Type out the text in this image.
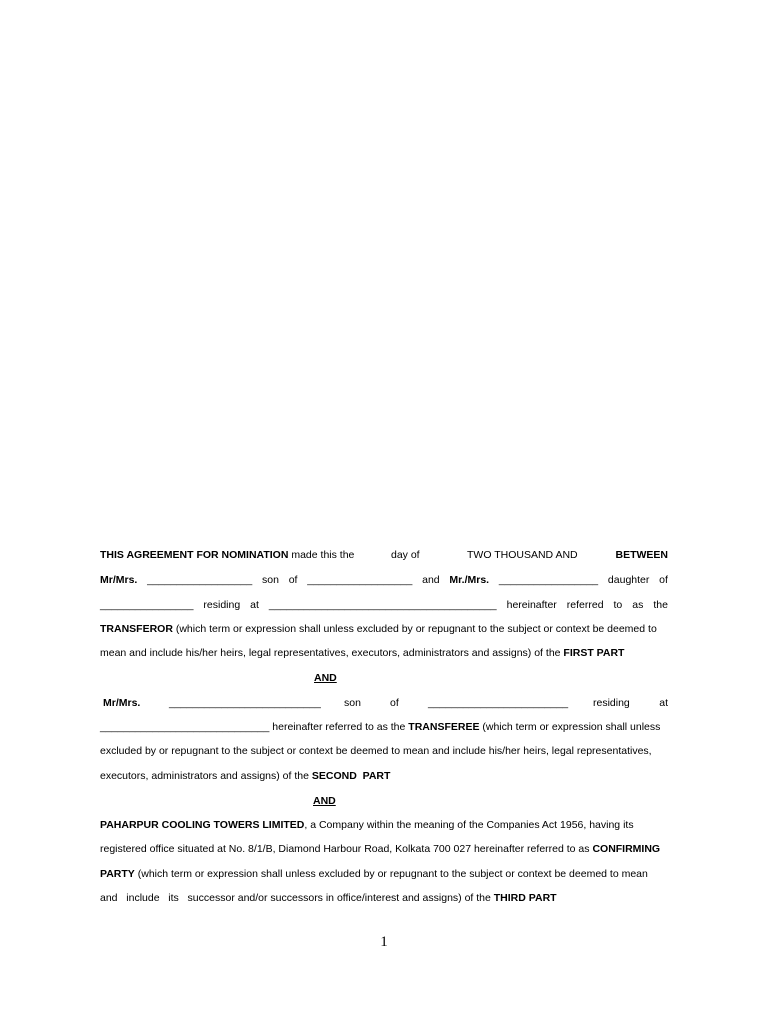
THIS AGREEMENT FOR NOMINATION made this the	day of	TWO THOUSAND AND	BETWEEN
Mr/Mrs. __________________ son of __________________ and Mr./Mrs. _________________ daughter of
________________ residing at _______________________________________ hereinafter referred to as the
TRANSFEROR (which term or expression shall unless excluded by or repugnant to the subject or context be deemed to
mean and include his/her heirs, legal representatives, executors, administrators and assigns) of the FIRST PART
AND
Mr/Mrs.	__________________________ son	of	________________________ residing	at
_____________________________ hereinafter referred to as the TRANSFEREE (which term or expression shall unless
excluded by or repugnant to the subject or context be deemed to mean and include his/her heirs, legal representatives,
executors, administrators and assigns) of the SECOND  PART
AND
PAHARPUR COOLING TOWERS LIMITED, a Company within the meaning of the Companies Act 1956, having its
registered office situated at No. 8/1/B, Diamond Harbour Road, Kolkata 700 027 hereinafter referred to as CONFIRMING
PARTY (which term or expression shall unless excluded by or repugnant to the subject or context be deemed to mean
and   include   its   successor and/or successors in office/interest and assigns) of the THIRD PART
1
